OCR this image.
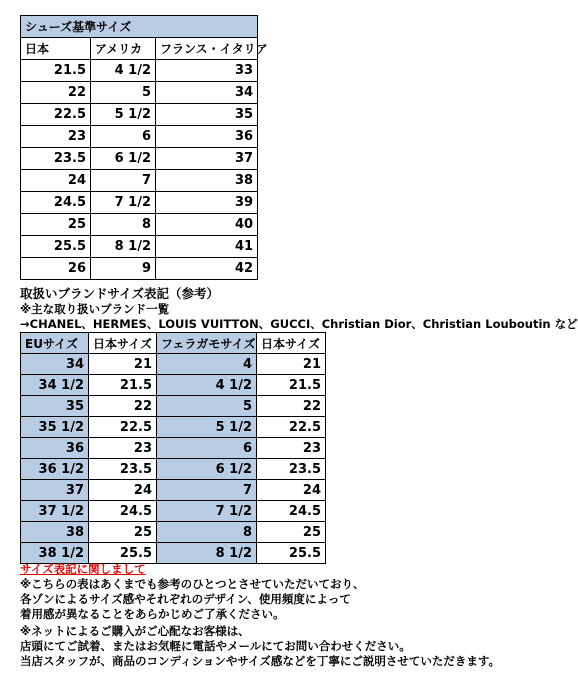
シューズ基準サイズ		
日本	アメリカ	フランス・イタリア
21.5	4 1/2	33
22	5	34
22.5	5 1/2	35
23	6	36
23.5	6 1/2	37
24	7	38
24.5	7 1/2	39
25	8	40
25.5	8 1/2	41
26	9	42
取扱いブランドサイズ表記（参考）
※主な取り扱いブランド一覧
→CHANEL、HERMES、LOUIS VUITTON、GUCCI、Christian Dior、Christian Louboutin など
EUサイズ	日本サイズ	フェラガモサイズ	日本サイズ
34	21	4	21
34 1/2	21.5	4 1/2	21.5
35	22	5	22
35 1/2	22.5	5 1/2	22.5
36	23	6	23
36 1/2	23.5	6 1/2	23.5
37	24	7	24
37 1/2	24.5	7 1/2	24.5
38	25	8	25
38 1/2	25.5	8 1/2	25.5
サイズ表記に関しまして
※こちらの表はあくまでも参考のひとつとさせていただいており、
各ゾンによるサイズ感やそれぞれのデザイン、使用頻度によって
着用感が異なることをあらかじめご了承ください。
※ネットによるご購入がご心配なお客様は、
店頭にてご試着、またはお気軽に電話やメールにてお問い合わせください。
当店スタッフが、商品のコンディションやサイズ感などを丁寧にご説明させていただきます。
